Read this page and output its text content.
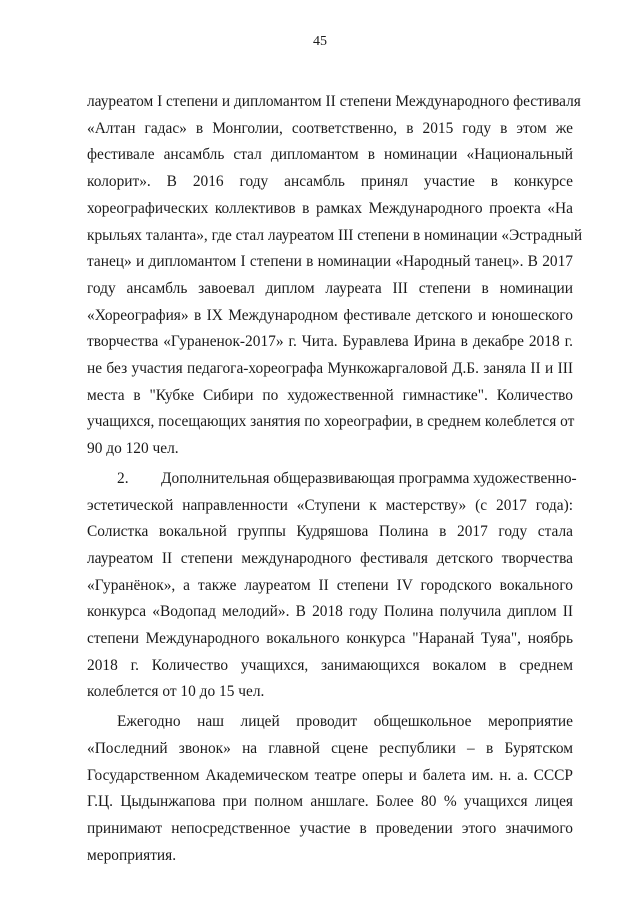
45
лауреатом I степени и дипломантом II степени Международного фестиваля
«Алтан гадас» в Монголии, соответственно, в 2015 году в этом же
фестивале ансамбль стал дипломантом в номинации «Национальный
колорит». В 2016 году ансамбль принял участие в конкурсе
хореографических коллективов в рамках Международного проекта «На
крыльях таланта», где стал лауреатом III степени в номинации «Эстрадный
танец» и дипломантом I степени в номинации «Народный танец». В 2017
году ансамбль завоевал диплом лауреата III степени в номинации
«Хореография» в IX Международном фестивале детского и юношеского
творчества «Гураненок-2017» г. Чита. Буравлева Ирина в декабре 2018 г.
не без участия педагога-хореографа Мункожаргаловой Д.Б. заняла II и III
места в "Кубке Сибири по художественной гимнастике". Количество
учащихся, посещающих занятия по хореографии, в среднем колеблется от
90 до 120 чел.
2. Дополнительная общеразвивающая программа художественно-
эстетической направленности «Ступени к мастерству» (с 2017 года):
Солистка вокальной группы Кудряшова Полина в 2017 году стала
лауреатом II степени международного фестиваля детского творчества
«Гуранёнок», а также лауреатом II степени IV городского вокального
конкурса «Водопад мелодий». В 2018 году Полина получила диплом II
степени Международного вокального конкурса "Наранай Туяа", ноябрь
2018 г. Количество учащихся, занимающихся вокалом в среднем
колеблется от 10 до 15 чел.
Ежегодно наш лицей проводит общешкольное мероприятие
«Последний звонок» на главной сцене республики – в Бурятском
Государственном Академическом театре оперы и балета им. н. а. СССР
Г.Ц. Цыдынжапова при полном аншлаге. Более 80 % учащихся лицея
принимают непосредственное участие в проведении этого значимого
мероприятия.
